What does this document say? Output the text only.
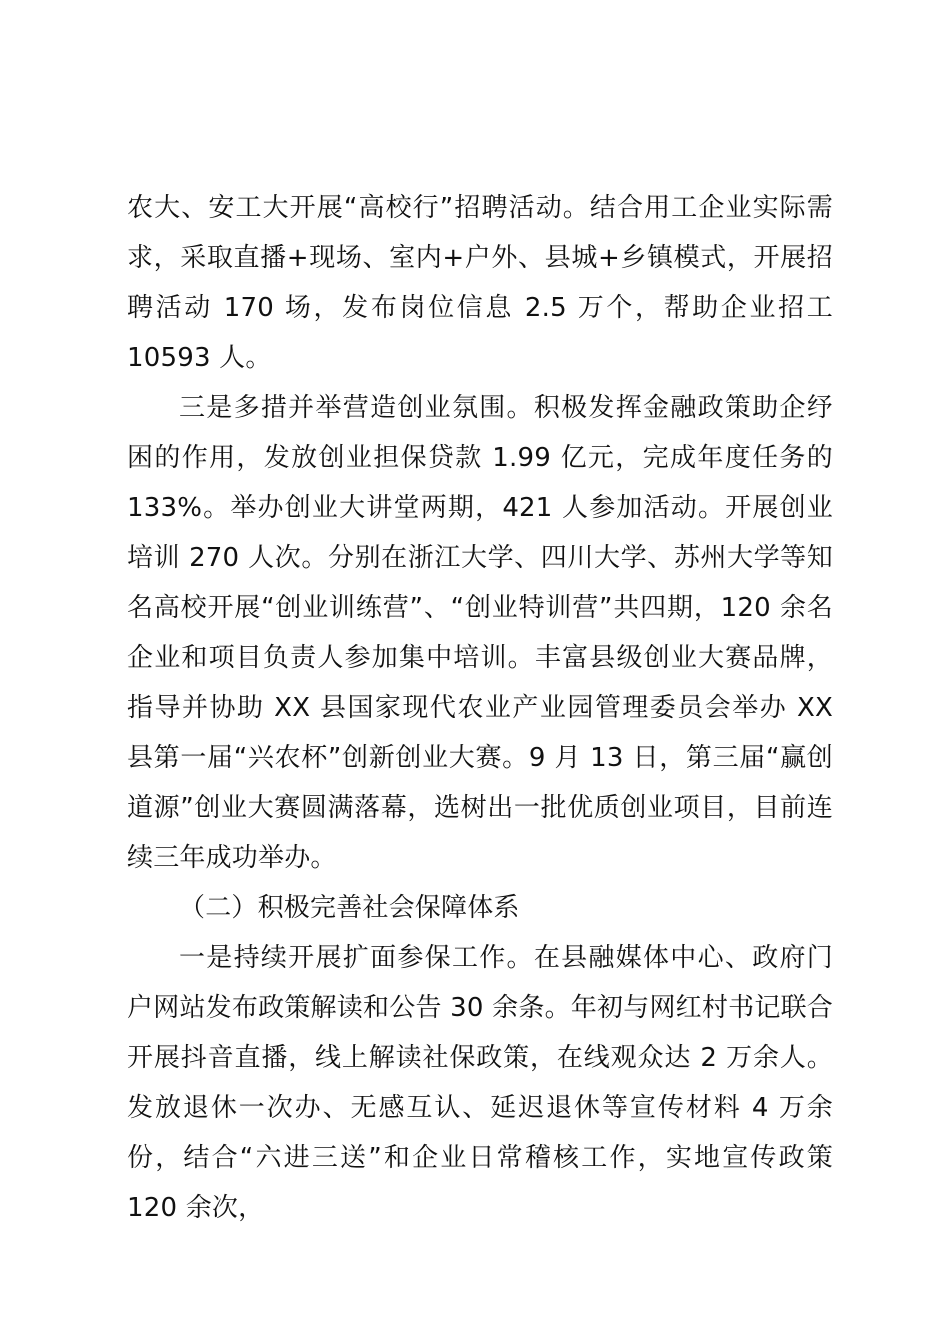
农大、安工大开展“高校行”招聘活动。结合用工企业实际需求，采取直播+现场、室内+户外、县城+乡镇模式，开展招聘活动 170 场，发布岗位信息 2.5 万个，帮助企业招工 10593 人。

三是多措并举营造创业氛围。积极发挥金融政策助企纾困的作用，发放创业担保贷款 1.99 亿元，完成年度任务的 133%。举办创业大讲堂两期，421 人参加活动。开展创业培训 270 人次。分别在浙江大学、四川大学、苏州大学等知名高校开展“创业训练营”、“创业特训营”共四期，120 余名企业和项目负责人参加集中培训。丰富县级创业大赛品牌，指导并协助 XX 县国家现代农业产业园管理委员会举办 XX 县第一届“兴农杯”创新创业大赛。9 月 13 日，第三届“赢创道源”创业大赛圆满落幕，选树出一批优质创业项目，目前连续三年成功举办。

（二）积极完善社会保障体系

一是持续开展扩面参保工作。在县融媒体中心、政府门户网站发布政策解读和公告 30 余条。年初与网红村书记联合开展抖音直播，线上解读社保政策，在线观众达 2 万余人。发放退休一次办、无感互认、延迟退休等宣传材料 4 万余份，结合“六进三送”和企业日常稽核工作，实地宣传政策 120 余次，
